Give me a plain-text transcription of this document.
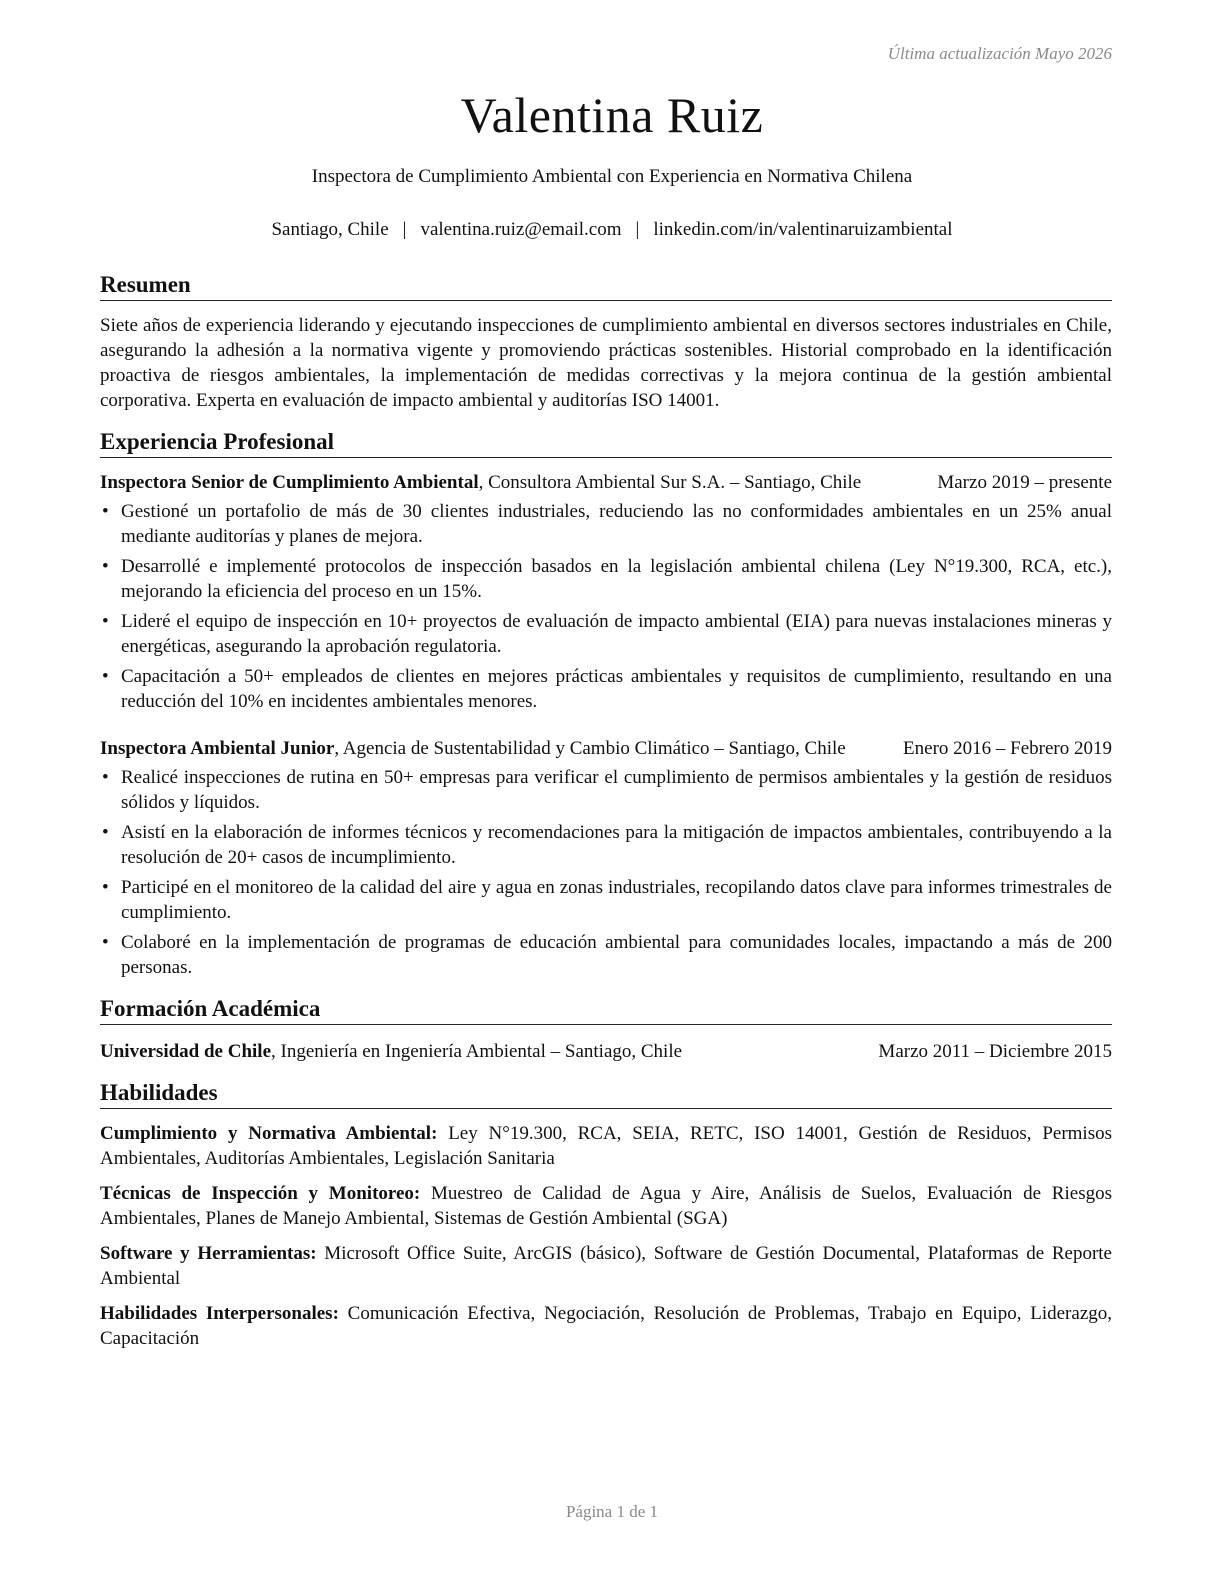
Última actualización Mayo 2026
Valentina Ruiz
Inspectora de Cumplimiento Ambiental con Experiencia en Normativa Chilena
Santiago, Chile | valentina.ruiz@email.com | linkedin.com/in/valentinaruizambiental
Resumen

Siete años de experiencia liderando y ejecutando inspecciones de cumplimiento ambiental en diversos sectores industriales en Chile, asegurando la adhesión a la normativa vigente y promoviendo prácticas sostenibles. Historial comprobado en la identificación proactiva de riesgos ambientales, la implementación de medidas correctivas y la mejora continua de la gestión ambiental corporativa. Experta en evaluación de impacto ambiental y auditorías ISO 14001.

Experiencia Profesional
Inspectora Senior de Cumplimiento Ambiental, Consultora Ambiental Sur S.A. – Santiago, Chile	Marzo 2019 – presente
• Gestioné un portafolio de más de 30 clientes industriales, reduciendo las no conformidades ambientales en un 25% anual mediante auditorías y planes de mejora.
• Desarrollé e implementé protocolos de inspección basados en la legislación ambiental chilena (Ley N°19.300, RCA, etc.), mejorando la eficiencia del proceso en un 15%.
• Lideré el equipo de inspección en 10+ proyectos de evaluación de impacto ambiental (EIA) para nuevas instalaciones mineras y energéticas, asegurando la aprobación regulatoria.
• Capacitación a 50+ empleados de clientes en mejores prácticas ambientales y requisitos de cumplimiento, resultando en una reducción del 10% en incidentes ambientales menores.
Inspectora Ambiental Junior, Agencia de Sustentabilidad y Cambio Climático – Santiago, Chile	Enero 2016 – Febrero 2019
• Realicé inspecciones de rutina en 50+ empresas para verificar el cumplimiento de permisos ambientales y la gestión de residuos sólidos y líquidos.
• Asistí en la elaboración de informes técnicos y recomendaciones para la mitigación de impactos ambientales, contribuyendo a la resolución de 20+ casos de incumplimiento.
• Participé en el monitoreo de la calidad del aire y agua en zonas industriales, recopilando datos clave para informes trimestrales de cumplimiento.
• Colaboré en la implementación de programas de educación ambiental para comunidades locales, impactando a más de 200 personas.
Formación Académica
Universidad de Chile, Ingeniería en Ingeniería Ambiental – Santiago, Chile	Marzo 2011 – Diciembre 2015
Habilidades

Cumplimiento y Normativa Ambiental: Ley N°19.300, RCA, SEIA, RETC, ISO 14001, Gestión de Residuos, Permisos Ambientales, Auditorías Ambientales, Legislación Sanitaria

Técnicas de Inspección y Monitoreo: Muestreo de Calidad de Agua y Aire, Análisis de Suelos, Evaluación de Riesgos Ambientales, Planes de Manejo Ambiental, Sistemas de Gestión Ambiental (SGA)

Software y Herramientas: Microsoft Office Suite, ArcGIS (básico), Software de Gestión Documental, Plataformas de Reporte Ambiental

Habilidades Interpersonales: Comunicación Efectiva, Negociación, Resolución de Problemas, Trabajo en Equipo, Liderazgo, Capacitación

Página 1 de 1
